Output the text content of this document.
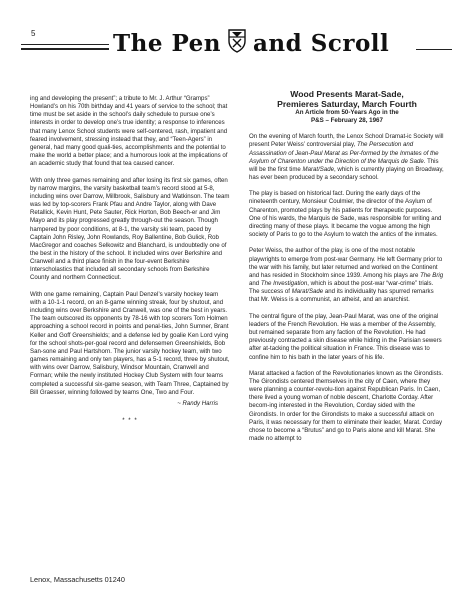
5	The Pen and Scroll

ing and developing the present”; a tribute to Mr. J. Arthur “Gramps” Howland’s on his 70th birthday and 41 years of service to the school; that time must be set aside in the school’s daily schedule to pursue one’s interests in order to develop one’s true identity; a response to inferences that many Lenox School students were self-centered, rash, impatient and feared involvement, stressing instead that they, and “Teen-Agers” in general, had many good quali-ties, accomplishments and the potential to make the world a better place; and a humorous look at the implications of an academic study that found that tea caused cancer.

With only three games remaining and after losing its first six games, often by narrow margins, the varsity basketball team’s record stood at 5-8, including wins over Darrow, Millbrook, Salisbury and Watkinson. The team was led by top-scorers Frank Pfau and Andre Taylor, along with Dave Retallick, Kevin Hunt, Pete Sauter, Rick Horton, Bob Beech-er and Jim Mayo and its play progressed greatly through-out the season. Though hampered by poor conditions, at 8-1, the varsity ski team, paced by Captain John Risley, John Rowlands, Roy Ballentine, Bob Gulick, Rob MacGregor and coaches Selkowitz and Blanchard, is undoubtedly one of the best in the history of the school. It included wins over Berkshire and Cranwell and a third place finish in the four-event Berkshire Interscholastics that included all secondary schools from Berkshire County and northern Connecticut.

With one game remaining, Captain Paul Denzel’s varsity hockey team with a 10-1-1 record, on an 8-game winning streak, four by shutout, and including wins over Berkshire and Cranwell, was one of the best in years. The team outscored its opponents by 78-16 with top scorers Tom Holmen approaching a school record in points and penal-ties, John Sumner, Brant Keller and Goff Greenshields; and a defense led by goalie Ken Lord vying for the school shots-per-goal record and defensemen Greenshields, Bob San-sone and Paul Hartshorn. The junior varsity hockey team, with two games remaining and only ten players, has a 5-1 record, three by shutout, with wins over Darrow, Salisbury, Windsor Mountain, Cranwell and Forman; while the newly instituted Hockey Club System with four teams completed a successful six-game season, with Team Three, Captained by Bill Graesser, winning followed by teams One, Two and Four.

~ Randy Harris
* * *
Wood Presents Marat-Sade,
Premieres Saturday, March Fourth
An Article from 50-Years Ago in the
P&S – February 28, 1967

On the evening of March fourth, the Lenox School Dramat-ic Society will present Peter Weiss’ controversial play, The Persecution and Assassination of Jean-Paul Marat as Per-formed by the Inmates of the Asylum of Charenton under the Direction of the Marquis de Sade. This will be the first time Marat/Sade, which is currently playing on Broadway, has ever been produced by a secondary school.

The play is based on historical fact. During the early days of the nineteenth century, Monsieur Coulmier, the director of the Asylum of Charenton, promoted plays by his patients for therapeutic purposes. One of his wards, the Marquis de Sade, was responsible for writing and directing many of these plays. It became the vogue among the high society of Paris to go to the Asylum to watch the antics of the inmates.

Peter Weiss, the author of the play, is one of the most notable playwrights to emerge from post-war Germany. He left Germany prior to the war with his family, but later returned and worked on the Continent and has resided in Stockholm since 1939. Among his plays are The Brig and The Investigation, which is about the post-war “war-crime” trials. The success of Marat/Sade and its individuality has spurred remarks that Mr. Weiss is a communist, an atheist, and an anarchist.

The central figure of the play, Jean-Paul Marat, was one of the original leaders of the French Revolution. He was a member of the Assembly, but remained separate from any faction of the Revolution. He had previously contracted a skin disease while hiding in the Parisian sewers after at-tacking the political situation in France. This disease was to confine him to his bath in the later years of his life.

Marat attacked a faction of the Revolutionaries known as the Girondists. The Girondists centered themselves in the city of Caen, where they were planning a counter-revolu-tion against Republican Paris. In Caen, there lived a young woman of noble descent, Charlotte Corday. After becom-ing interested in the Revolution, Corday sided with the Girondists. In order for the Girondists to make a successful attack on Paris, it was necessary for them to eliminate their leader, Marat. Corday chose to become a “Brutus” and go to Paris alone and kill Marat. She made no attempt to

Lenox, Massachusetts 01240
